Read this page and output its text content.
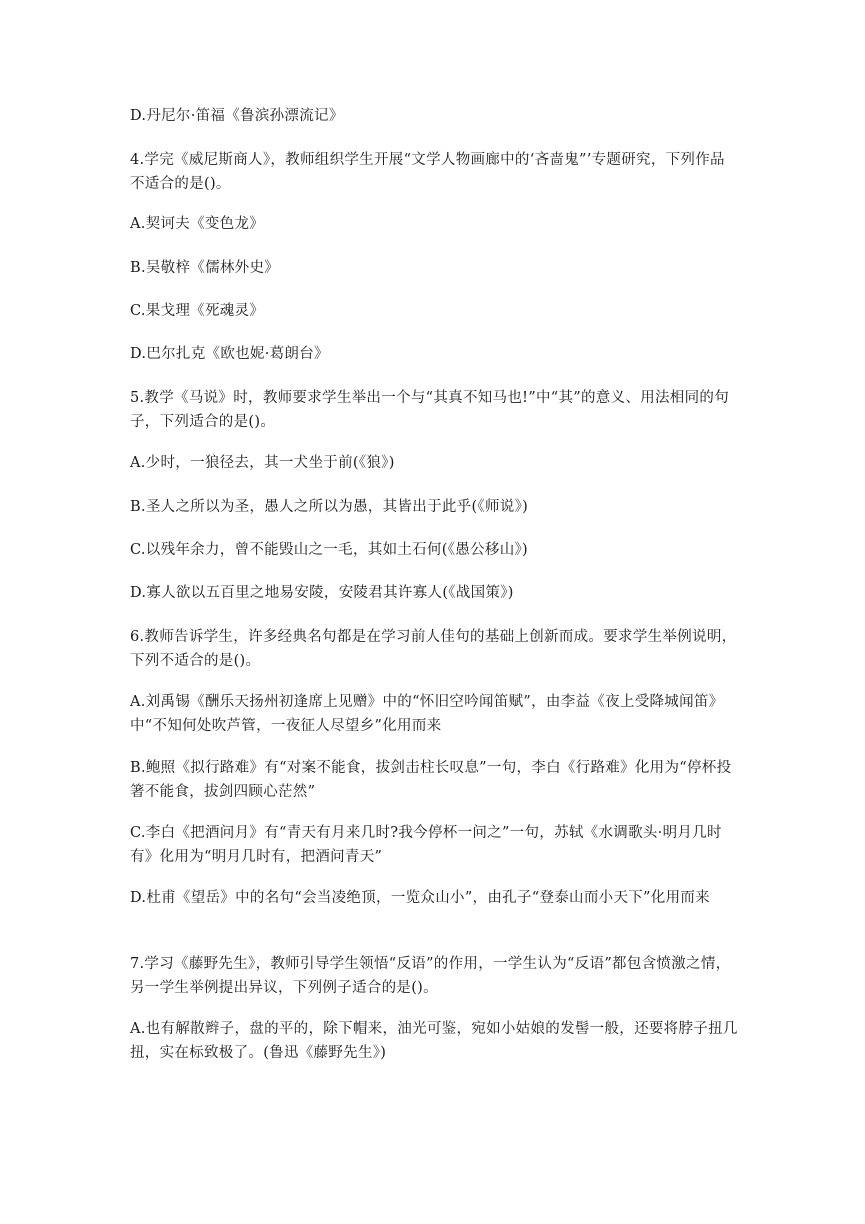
D.丹尼尔·笛福《鲁滨孙漂流记》

4.学完《威尼斯商人》，教师组织学生开展“文学人物画廊中的‘吝啬鬼”’专题研究，下列作品不适合的是()。

A.契诃夫《变色龙》

B.吴敬梓《儒林外史》

C.果戈理《死魂灵》

D.巴尔扎克《欧也妮·葛朗台》

5.教学《马说》时，教师要求学生举出一个与“其真不知马也!”中“其”的意义、用法相同的句子，下列适合的是()。

A.少时，一狼径去，其一犬坐于前(《狼》)

B.圣人之所以为圣，愚人之所以为愚，其皆出于此乎(《师说》)

C.以残年余力，曾不能毁山之一毛，其如土石何(《愚公移山》)

D.寡人欲以五百里之地易安陵，安陵君其许寡人(《战国策》)

6.教师告诉学生，许多经典名句都是在学习前人佳句的基础上创新而成。要求学生举例说明，下列不适合的是()。

A.刘禹锡《酬乐天扬州初逢席上见赠》中的“怀旧空吟闻笛赋”，由李益《夜上受降城闻笛》中“不知何处吹芦管，一夜征人尽望乡”化用而来

B.鲍照《拟行路难》有“对案不能食，拔剑击柱长叹息”一句，李白《行路难》化用为“停杯投箸不能食，拔剑四顾心茫然”

C.李白《把酒问月》有“青天有月来几时?我今停杯一问之”一句，苏轼《水调歌头·明月几时有》化用为“明月几时有，把酒问青天”

D.杜甫《望岳》中的名句“会当凌绝顶，一览众山小”，由孔子“登泰山而小天下”化用而来

7.学习《藤野先生》，教师引导学生领悟“反语”的作用，一学生认为“反语”都包含愤激之情，另一学生举例提出异议，下列例子适合的是()。

A.也有解散辫子，盘的平的，除下帽来，油光可鉴，宛如小姑娘的发髻一般，还要将脖子扭几扭，实在标致极了。(鲁迅《藤野先生》)
